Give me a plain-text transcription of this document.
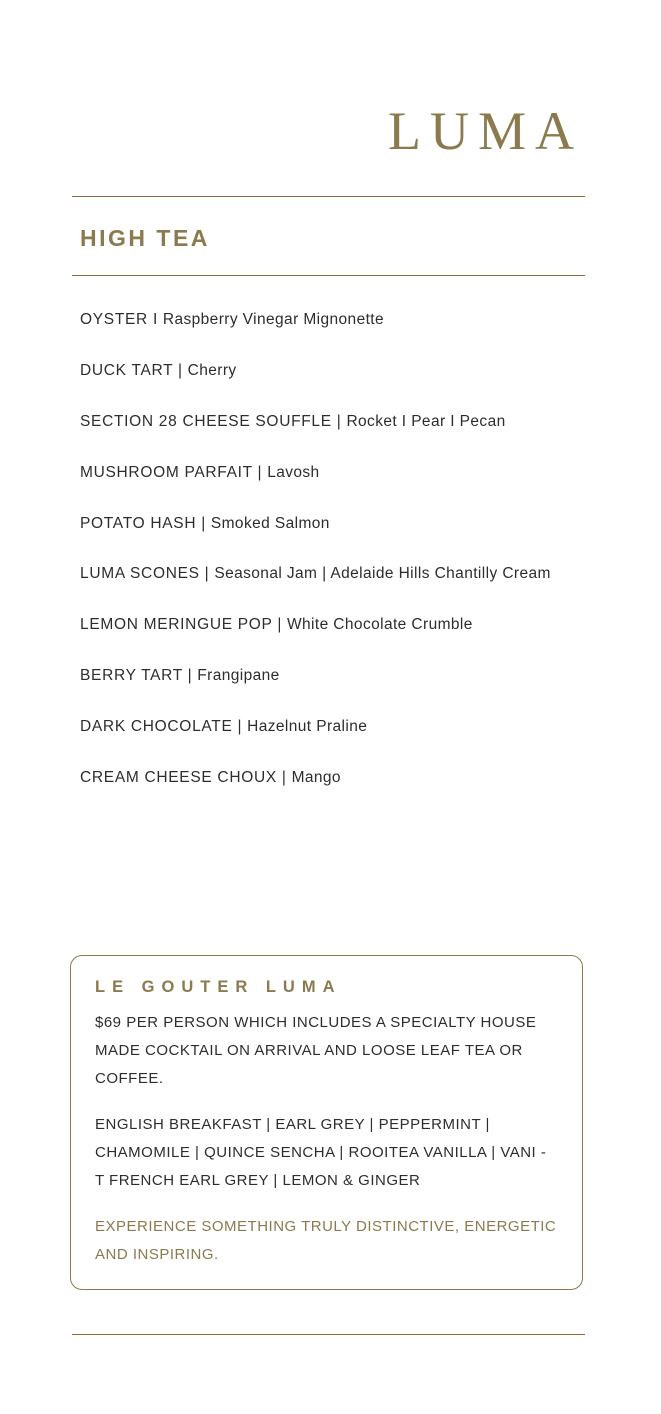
LUMA
HIGH TEA
OYSTER I Raspberry Vinegar Mignonette
DUCK TART | Cherry
SECTION 28 CHEESE SOUFFLE | Rocket I Pear I Pecan
MUSHROOM PARFAIT | Lavosh
POTATO HASH | Smoked Salmon
LUMA SCONES | Seasonal Jam | Adelaide Hills Chantilly Cream
LEMON MERINGUE POP | White Chocolate Crumble
BERRY TART | Frangipane
DARK CHOCOLATE | Hazelnut Praline
CREAM CHEESE CHOUX | Mango
LE GOUTER LUMA

$69 PER PERSON WHICH INCLUDES A SPECIALTY HOUSE MADE COCKTAIL ON ARRIVAL AND LOOSE LEAF TEA OR COFFEE.

ENGLISH BREAKFAST | EARL GREY | PEPPERMINT | CHAMOMILE | QUINCE SENCHA | ROOITEA VANILLA | VANI - T FRENCH EARL GREY | LEMON & GINGER

EXPERIENCE SOMETHING TRULY DISTINCTIVE, ENERGETIC AND INSPIRING.
